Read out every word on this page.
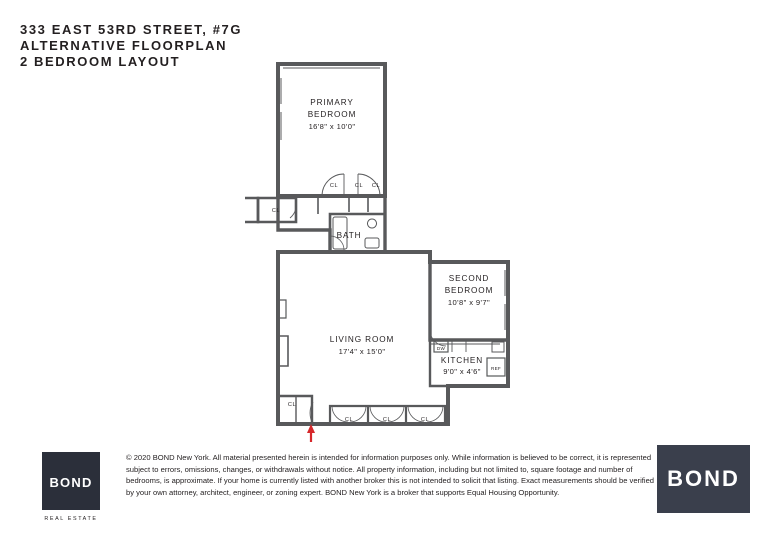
333 EAST 53RD STREET, #7G
ALTERNATIVE FLOORPLAN
2 BEDROOM LAYOUT
PRIMARY
BEDROOM
16'8" x 10'0"
SECOND
BEDROOM
10'8" x 9'7"
LIVING ROOM
17'4" x 15'0"
KITCHEN
9'0" x 4'6"
BATH
CL	CL CL
CL
CL
CL	CL	CL
DW
REF
BOND
REAL ESTATE
© 2020 BOND New York. All material presented herein is intended for information purposes only. While information is believed to be correct, it is represented subject to errors, omissions, changes, or withdrawals without notice. All property information, including but not limited to, square footage and number of bedrooms, is approximate. If your home is currently listed with another broker this is not intended to solicit that listing. Exact measurements should be verified by your own attorney, architect, engineer, or zoning expert. BOND New York is a broker that supports Equal Housing Opportunity.
BOND
